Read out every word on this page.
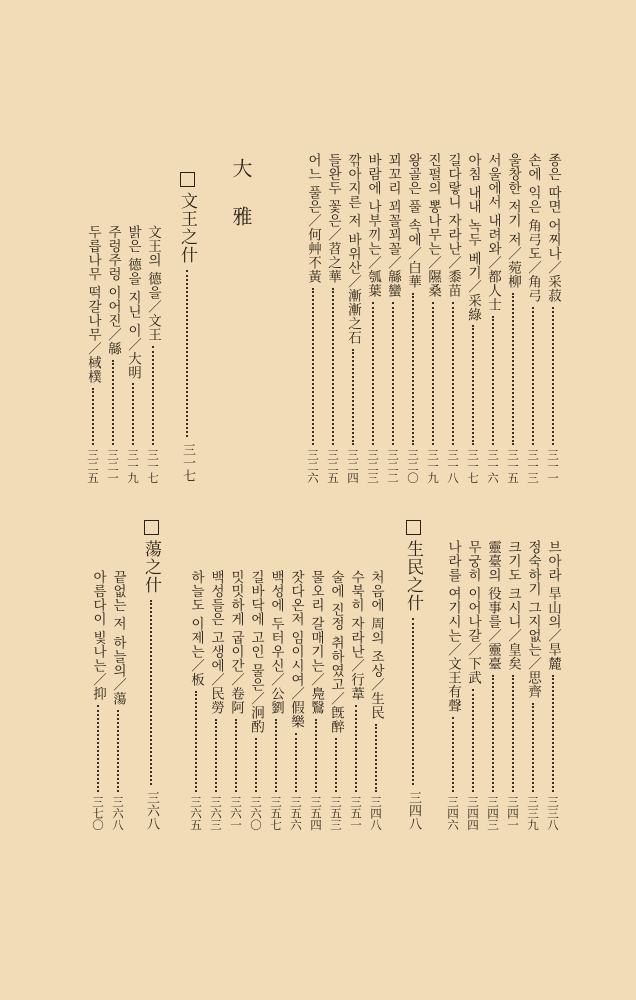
大雅
文王之什
三一七
文王의 德을／文王
三一七
밝은 德을 지닌 이／大明
三一九
주렁주렁 이어진／緜
三二一
두릅나무 떡갈나무／棫樸
三二五
종은 따면 어찌나／采菽
三一一
손에 익은 角弓도／角弓
三一三
울창한 저기 저／菀柳
三一五
서울에서 내려와／都人士
三一六
아침 내내 녹두 베기／采綠
三一七
길다랗니 자라난／黍苗
三一八
진펄의 뽕나무는／隰桑
三一九
왕골은 풀 속에／白華
三二〇
꾀꼬리 꾀꼴꾀꼴／緜蠻
三二二
바람에 나부끼는／瓠葉
三二三
깎아지른 저 바위산／漸漸之石
三二四
들완두 꽃은／苕之華
三二五
어느 풀은／何艸不黃
三二六
蕩之什
三六八
끝없는 저 하늘의／蕩
三六八
아름다이 빛나는／抑
三七〇
生民之什
三四八
처음에 周의 조상／生民
三四八
수북히 자라난／行葦
三五一
술에 진정 취하였고／旣醉
三五三
물오리 갈매기는／鳧鷖
三五四
잣다온저 임이시여／假樂
三五六
백성에 두터우신／公劉
三五七
길바닥에 고인 물은／泂酌
三六〇
밋밋하게 굽이간／卷阿
三六一
백성들은 고생에／民勞
三六三
하늘도 이제는／板
三六五
브아라 旱山의／旱麓
三三八
정숙하기 그지없는／思齊
三三九
크기도 크시니／皇矣
三四一
靈臺의 役事를／靈臺
三四三
무궁히 이어나갈／下武
三四四
나라를 여기시는／文王有聲
三四六
